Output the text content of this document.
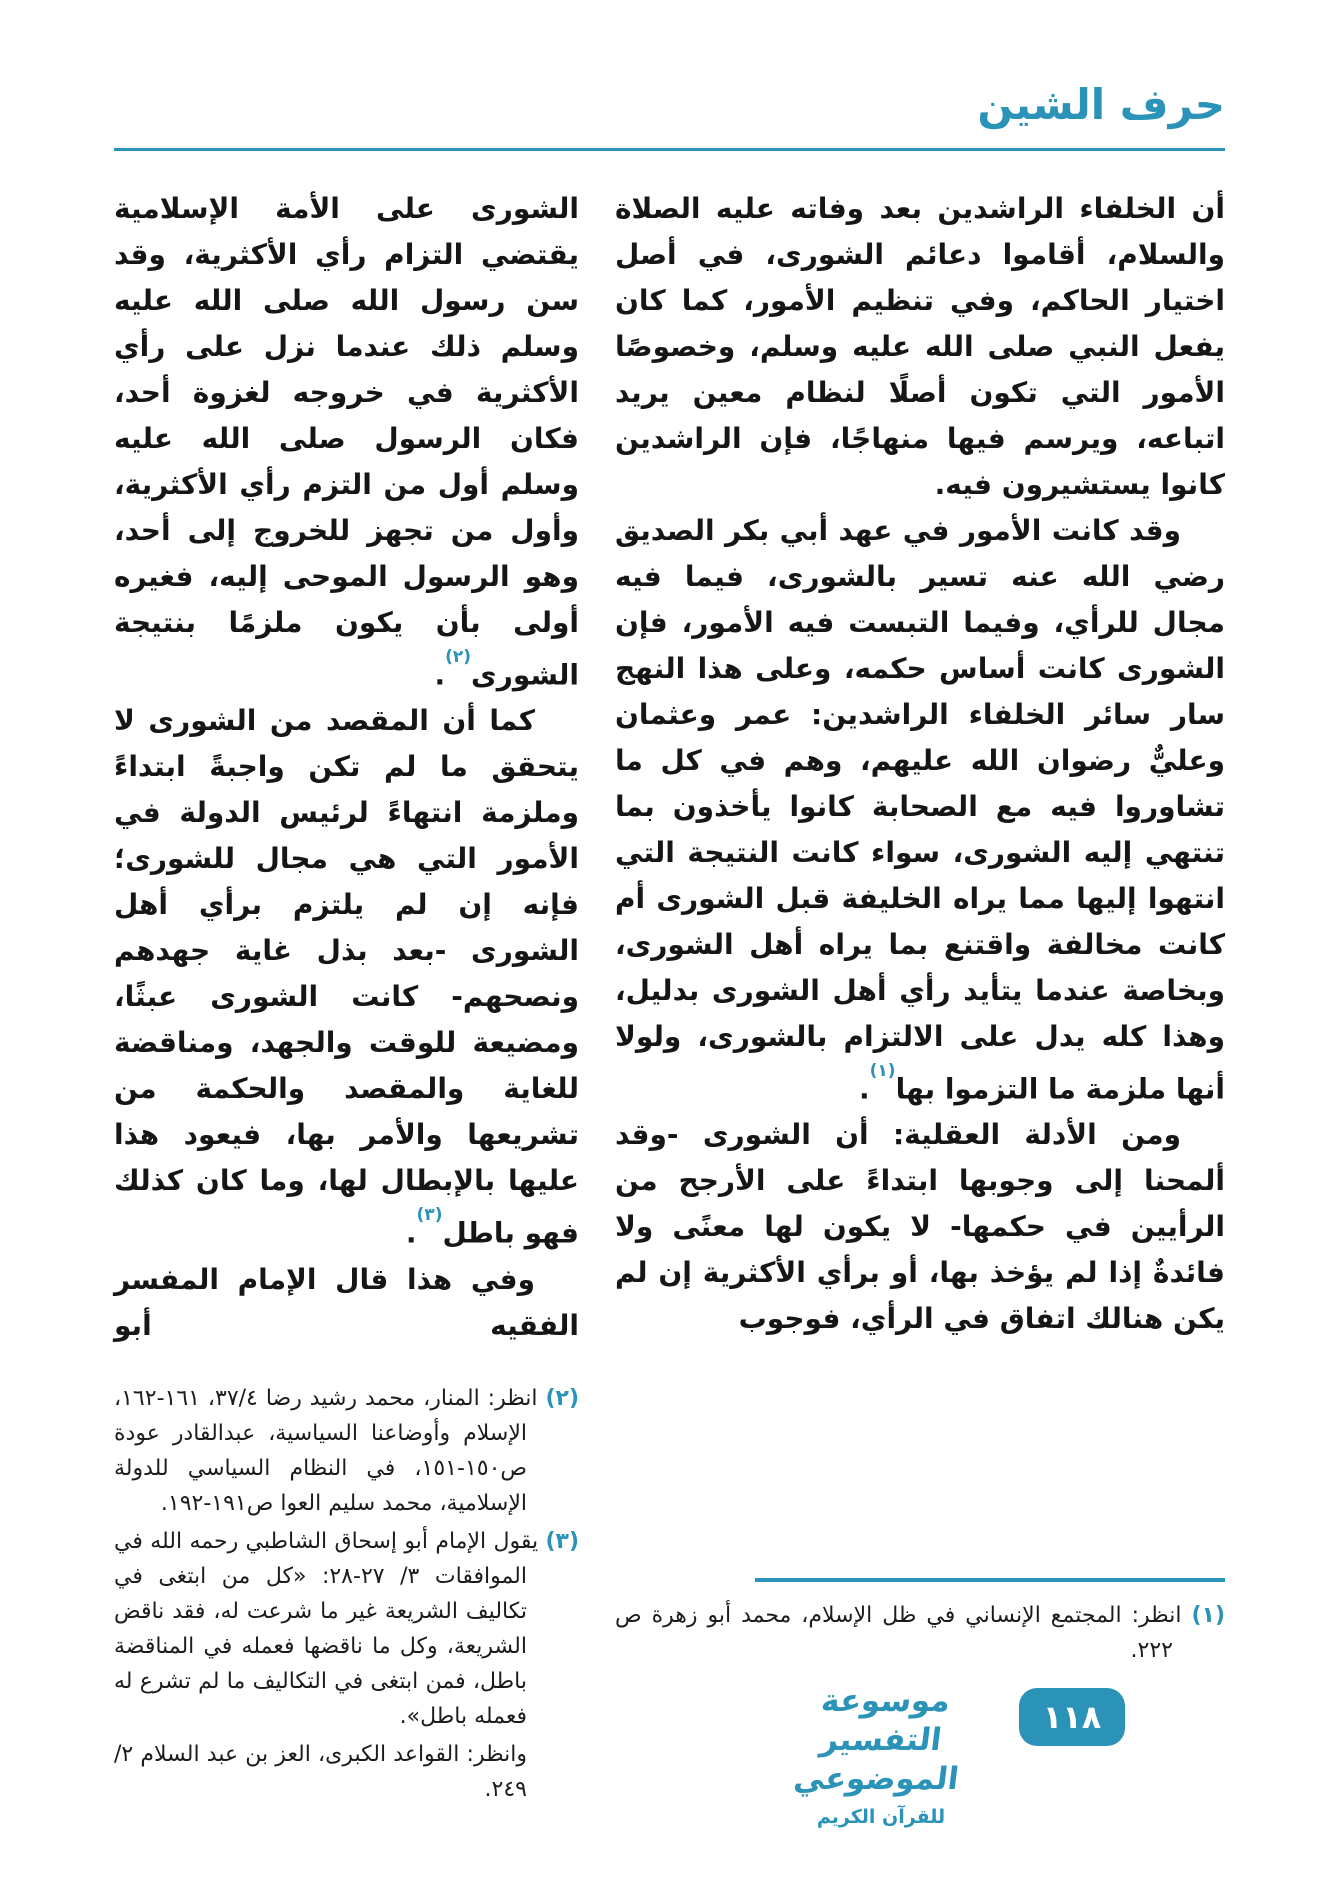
حرف الشين

أن الخلفاء الراشدين بعد وفاته عليه الصلاة والسلام، أقاموا دعائم الشورى، في أصل اختيار الحاكم، وفي تنظيم الأمور، كما كان يفعل النبي صلى الله عليه وسلم، وخصوصًا الأمور التي تكون أصلًا لنظام معين يريد اتباعه، ويرسم فيها منهاجًا، فإن الراشدين كانوا يستشيرون فيه.

وقد كانت الأمور في عهد أبي بكر الصديق رضي الله عنه تسير بالشورى، فيما فيه مجال للرأي، وفيما التبست فيه الأمور، فإن الشورى كانت أساس حكمه، وعلى هذا النهج سار سائر الخلفاء الراشدين: عمر وعثمان وعليٌّ رضوان الله عليهم، وهم في كل ما تشاوروا فيه مع الصحابة كانوا يأخذون بما تنتهي إليه الشورى، سواء كانت النتيجة التي انتهوا إليها مما يراه الخليفة قبل الشورى أم كانت مخالفة واقتنع بما يراه أهل الشورى، وبخاصة عندما يتأيد رأي أهل الشورى بدليل، وهذا كله يدل على الالتزام بالشورى، ولولا أنها ملزمة ما التزموا بها$^{(١)}$.

ومن الأدلة العقلية: أن الشورى -وقد ألمحنا إلى وجوبها ابتداءً على الأرجح من الرأيين في حكمها- لا يكون لها معنًى ولا فائدةٌ إذا لم يؤخذ بها، أو برأي الأكثرية إن لم يكن هنالك اتفاق في الرأي، فوجوب

(١) انظر: المجتمع الإنساني في ظل الإسلام، محمد أبو زهرة ص ٢٢٢.

الشورى على الأمة الإسلامية يقتضي التزام رأي الأكثرية، وقد سن رسول الله صلى الله عليه وسلم ذلك عندما نزل على رأي الأكثرية في خروجه لغزوة أحد، فكان الرسول صلى الله عليه وسلم أول من التزم رأي الأكثرية، وأول من تجهز للخروج إلى أحد، وهو الرسول الموحى إليه، فغيره أولى بأن يكون ملزمًا بنتيجة الشورى$^{(٢)}$.

كما أن المقصد من الشورى لا يتحقق ما لم تكن واجبةً ابتداءً وملزمة انتهاءً لرئيس الدولة في الأمور التي هي مجال للشورى؛ فإنه إن لم يلتزم برأي أهل الشورى -بعد بذل غاية جهدهم ونصحهم- كانت الشورى عبثًا، ومضيعة للوقت والجهد، ومناقضة للغاية والمقصد والحكمة من تشريعها والأمر بها، فيعود هذا عليها بالإبطال لها، وما كان كذلك فهو باطل$^{(٣)}$.

وفي هذا قال الإمام المفسر الفقيه أبو

(٢) انظر: المنار، محمد رشيد رضا ٣٧/٤، ١٦١-١٦٢، الإسلام وأوضاعنا السياسية، عبدالقادر عودة ص١٥٠-١٥١، في النظام السياسي للدولة الإسلامية، محمد سليم العوا ص١٩١-١٩٢.

(٣) يقول الإمام أبو إسحاق الشاطبي رحمه الله في الموافقات ٣/ ٢٧-٢٨: «كل من ابتغى في تكاليف الشريعة غير ما شرعت له، فقد ناقض الشريعة، وكل ما ناقضها فعمله في المناقضة باطل، فمن ابتغى في التكاليف ما لم تشرع له فعمله باطل».

وانظر: القواعد الكبرى، العز بن عبد السلام ٢/ ٢٤٩.

موسوعة التفسير الموضوعي
للقرآن الكريم
١١٨
